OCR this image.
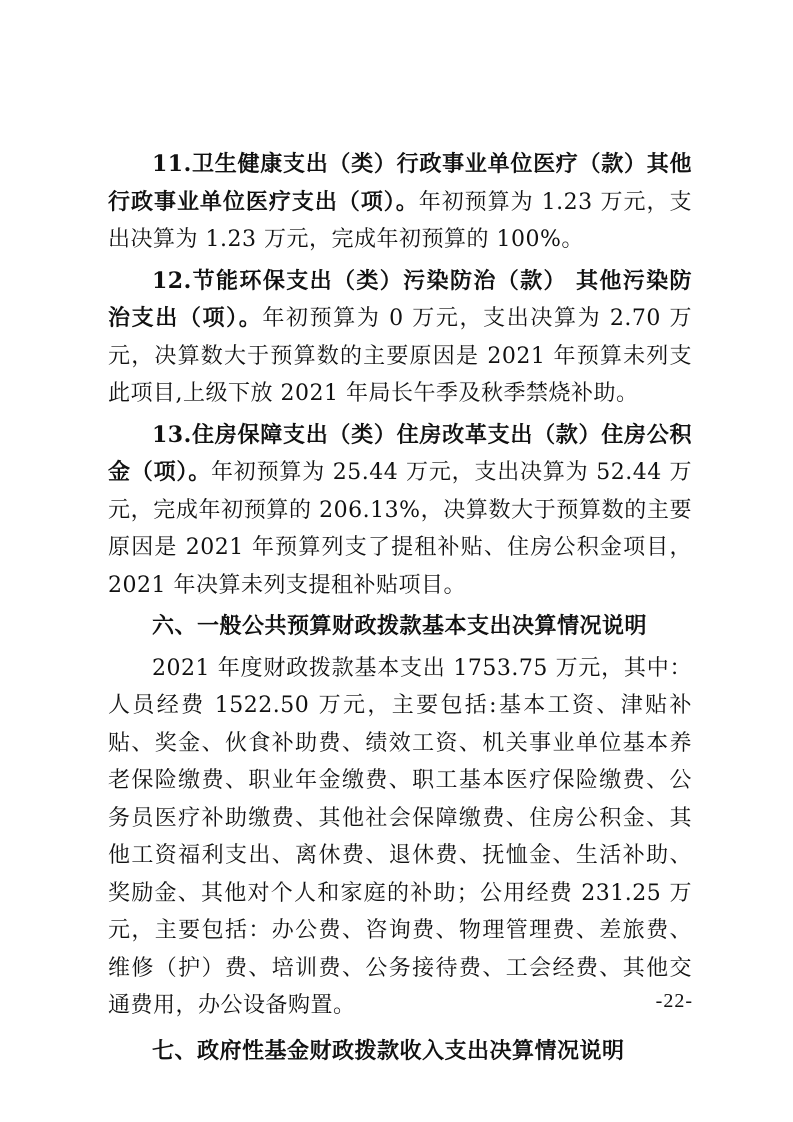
11.卫生健康支出（类）行政事业单位医疗（款）其他行政事业单位医疗支出（项）。年初预算为 1.23 万元，支出决算为 1.23 万元，完成年初预算的 100%。

12.节能环保支出（类）污染防治（款） 其他污染防治支出（项）。年初预算为 0 万元，支出决算为 2.70 万元，决算数大于预算数的主要原因是 2021 年预算未列支此项目,上级下放 2021 年局长午季及秋季禁烧补助。

13.住房保障支出（类）住房改革支出（款）住房公积金（项）。年初预算为 25.44 万元，支出决算为 52.44 万元，完成年初预算的 206.13%，决算数大于预算数的主要原因是 2021 年预算列支了提租补贴、住房公积金项目，2021 年决算未列支提租补贴项目。

六、一般公共预算财政拨款基本支出决算情况说明

2021 年度财政拨款基本支出 1753.75 万元，其中：人员经费 1522.50 万元，主要包括:基本工资、津贴补贴、奖金、伙食补助费、绩效工资、机关事业单位基本养老保险缴费、职业年金缴费、职工基本医疗保险缴费、公务员医疗补助缴费、其他社会保障缴费、住房公积金、其他工资福利支出、离休费、退休费、抚恤金、生活补助、奖励金、其他对个人和家庭的补助；公用经费 231.25 万元，主要包括：办公费、咨询费、物理管理费、差旅费、维修（护）费、培训费、公务接待费、工会经费、其他交通费用，办公设备购置。

七、政府性基金财政拨款收入支出决算情况说明

-22-
